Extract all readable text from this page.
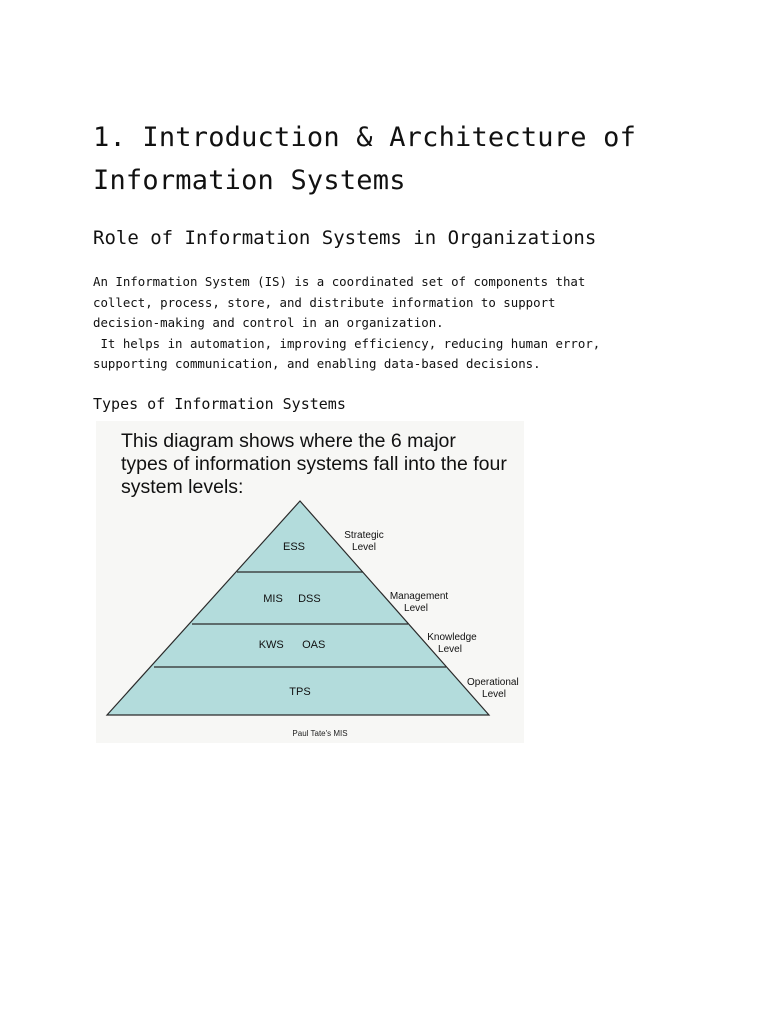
1. Introduction & Architecture of Information Systems
Role of Information Systems in Organizations
An Information System (IS) is a coordinated set of components that
collect, process, store, and distribute information to support
decision-making and control in an organization.
It helps in automation, improving efficiency, reducing human error,
supporting communication, and enabling data-based decisions.
Types of Information Systems
This diagram shows where the 6 major
types of information systems fall into the four
system levels:
ESS
MIS     DSS
KWS      OAS
TPS
Strategic
Level
Management
Level
Knowledge
Level
Operational
Level
Paul Tate's MIS
